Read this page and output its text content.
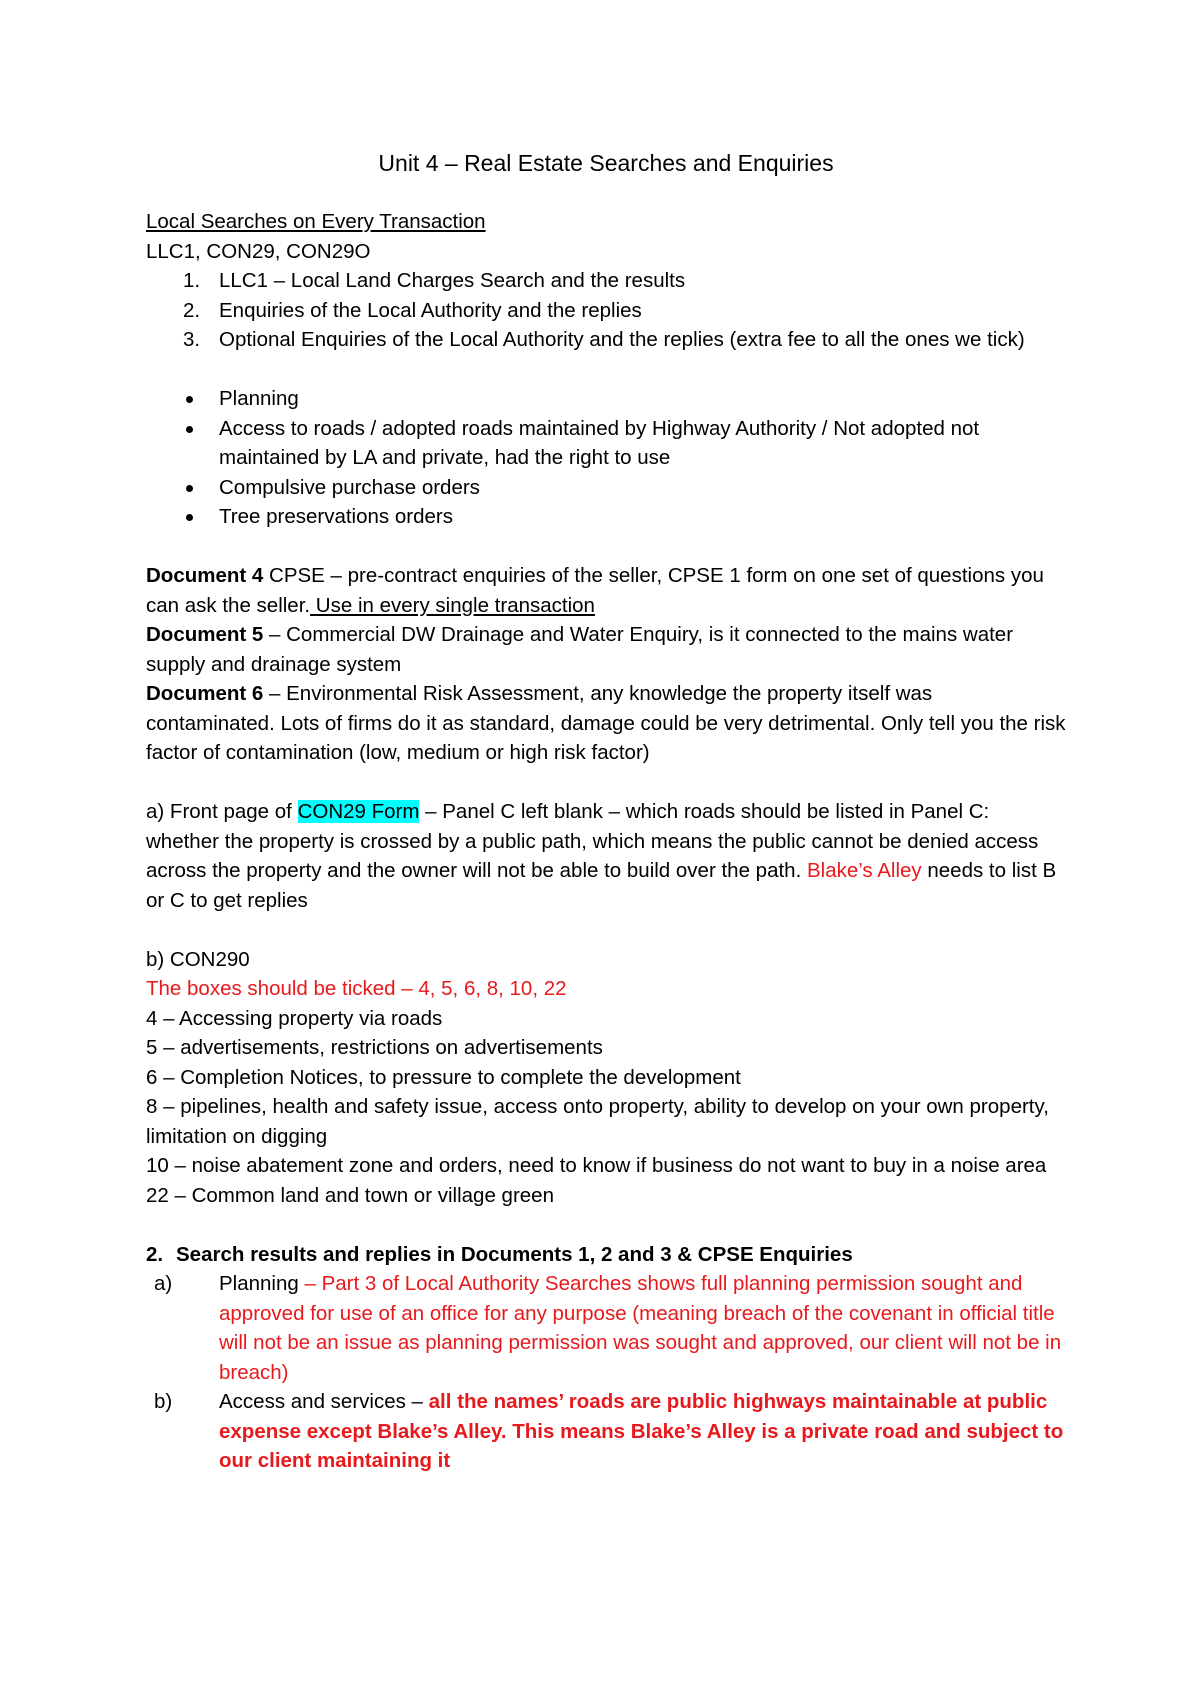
Unit 4 – Real Estate Searches and Enquiries

Local Searches on Every Transaction

LLC1, CON29, CON29O

1. LLC1 – Local Land Charges Search and the results
2. Enquiries of the Local Authority and the replies
3. Optional Enquiries of the Local Authority and the replies (extra fee to all the ones we tick)
Planning
Access to roads / adopted roads maintained by Highway Authority / Not adopted not maintained by LA and private, had the right to use
Compulsive purchase orders
Tree preservations orders

Document 4 CPSE – pre-contract enquiries of the seller, CPSE 1 form on one set of questions you can ask the seller. Use in every single transaction

Document 5 – Commercial DW Drainage and Water Enquiry, is it connected to the mains water supply and drainage system

Document 6 – Environmental Risk Assessment, any knowledge the property itself was contaminated. Lots of firms do it as standard, damage could be very detrimental. Only tell you the risk factor of contamination (low, medium or high risk factor)

a) Front page of CON29 Form – Panel C left blank – which roads should be listed in Panel C: whether the property is crossed by a public path, which means the public cannot be denied access across the property and the owner will not be able to build over the path. Blake’s Alley needs to list B or C to get replies

b) CON290

The boxes should be ticked – 4, 5, 6, 8, 10, 22

4 – Accessing property via roads

5 – advertisements, restrictions on advertisements

6 – Completion Notices, to pressure to complete the development

8 – pipelines, health and safety issue, access onto property, ability to develop on your own property, limitation on digging

10 – noise abatement zone and orders, need to know if business do not want to buy in a noise area

22 – Common land and town or village green

2. Search results and replies in Documents 1, 2 and 3 & CPSE Enquiries
a) Planning – Part 3 of Local Authority Searches shows full planning permission sought and approved for use of an office for any purpose (meaning breach of the covenant in official title will not be an issue as planning permission was sought and approved, our client will not be in breach)
b) Access and services – all the names’ roads are public highways maintainable at public expense except Blake’s Alley. This means Blake’s Alley is a private road and subject to our client maintaining it
